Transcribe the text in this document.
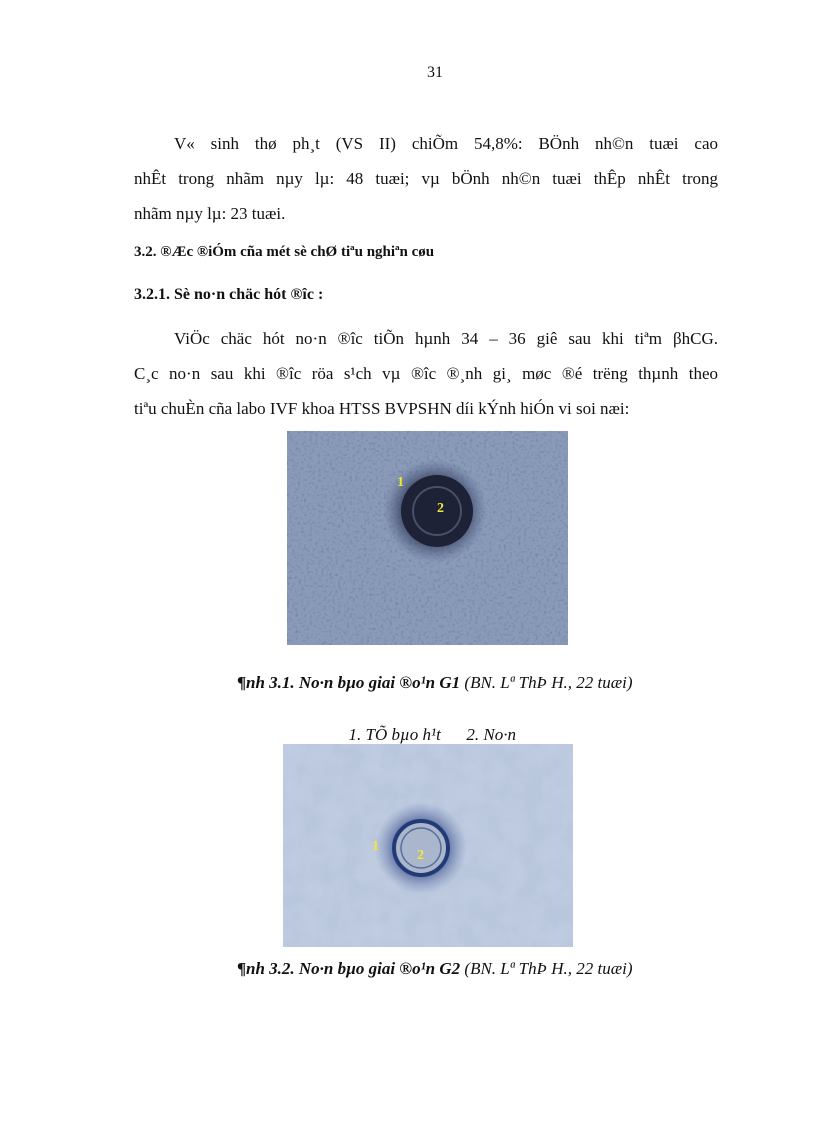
31

V« sinh thø ph¸t (VS II) chiÕm 54,8%: BÖnh nh©n tuæi cao
nhÊt trong nhãm nµy lµ: 48 tuæi; vµ bÖnh nh©n tuæi thÊp nhÊt trong
nhãm nµy lµ: 23 tuæi.

3.2. ®Æc ®iÓm cña mét sè chØ tiªu nghiªn cøu
3.2.1. Sè no·n chäc hót ®îc :

ViÖc chäc hót no·n ®îc tiÕn hµnh 34 – 36 giê sau khi tiªm βhCG.
C¸c no·n sau khi ®îc röa s¹ch vµ ®îc ®¸nh gi¸ møc ®é trëng thµnh theo
tiªu chuÈn cña labo IVF khoa HTSS BVPSHN díi kÝnh hiÓn vi soi næi:

1
2
¶nh 3.1. No·n bµo giai ®o¹n G1 (BN. Lª ThÞ H., 22 tuæi)

1. TÕ bµo h¹t 2. No·n

1
2
¶nh 3.2. No·n bµo giai ®o¹n G2 (BN. Lª ThÞ H., 22 tuæi)
